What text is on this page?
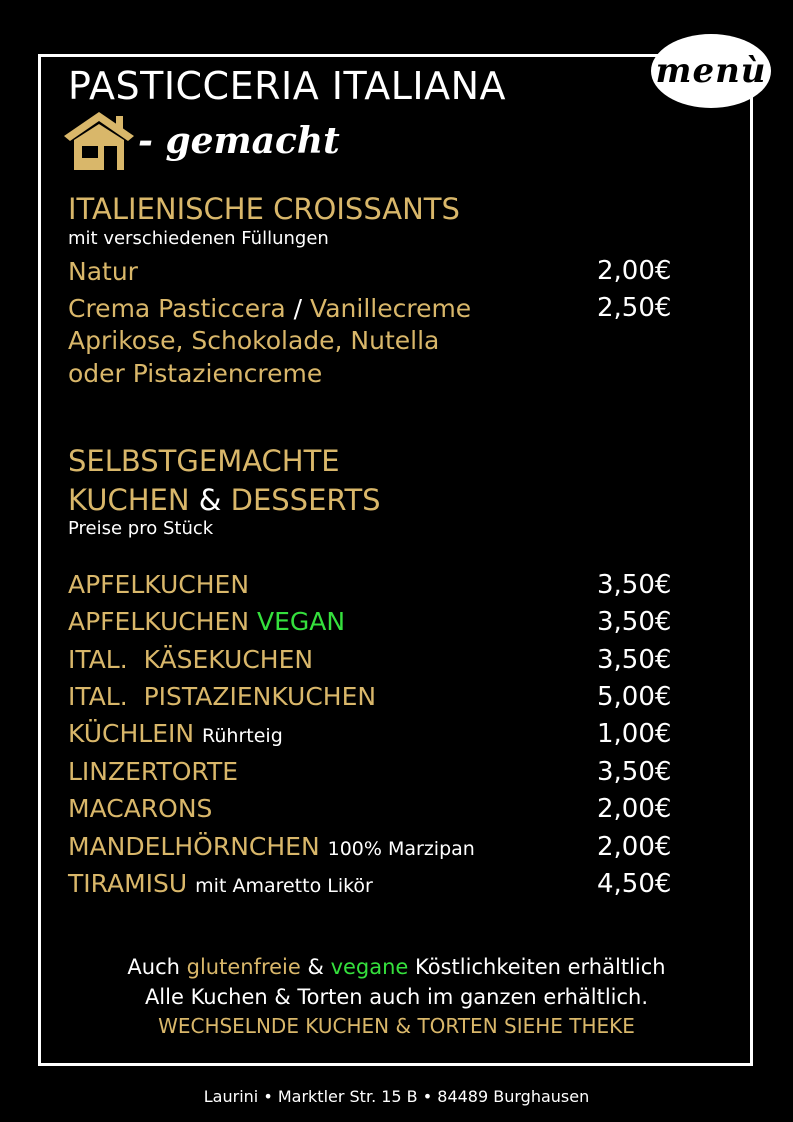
menù
PASTICCERIA ITALIANA
- gemacht
ITALIENISCHE CROISSANTS
mit verschiedenen Füllungen
Natur	2,00€
Crema Pasticcera / Vanillecreme	2,50€
Aprikose, Schokolade, Nutella
oder Pistaziencreme
SELBSTGEMACHTE
KUCHEN & DESSERTS
Preise pro Stück
APFELKUCHEN	3,50€
APFELKUCHEN VEGAN	3,50€
ITAL.  KÄSEKUCHEN	3,50€
ITAL.  PISTAZIENKUCHEN	5,00€
KÜCHLEIN Rührteig	1,00€
LINZERTORTE	3,50€
MACARONS	2,00€
MANDELHÖRNCHEN 100% Marzipan	2,00€
TIRAMISU mit Amaretto Likör	4,50€
Auch glutenfreie & vegane Köstlichkeiten erhältlich
Alle Kuchen & Torten auch im ganzen erhältlich.
WECHSELNDE KUCHEN & TORTEN SIEHE THEKE
Laurini • Marktler Str. 15 B • 84489 Burghausen
